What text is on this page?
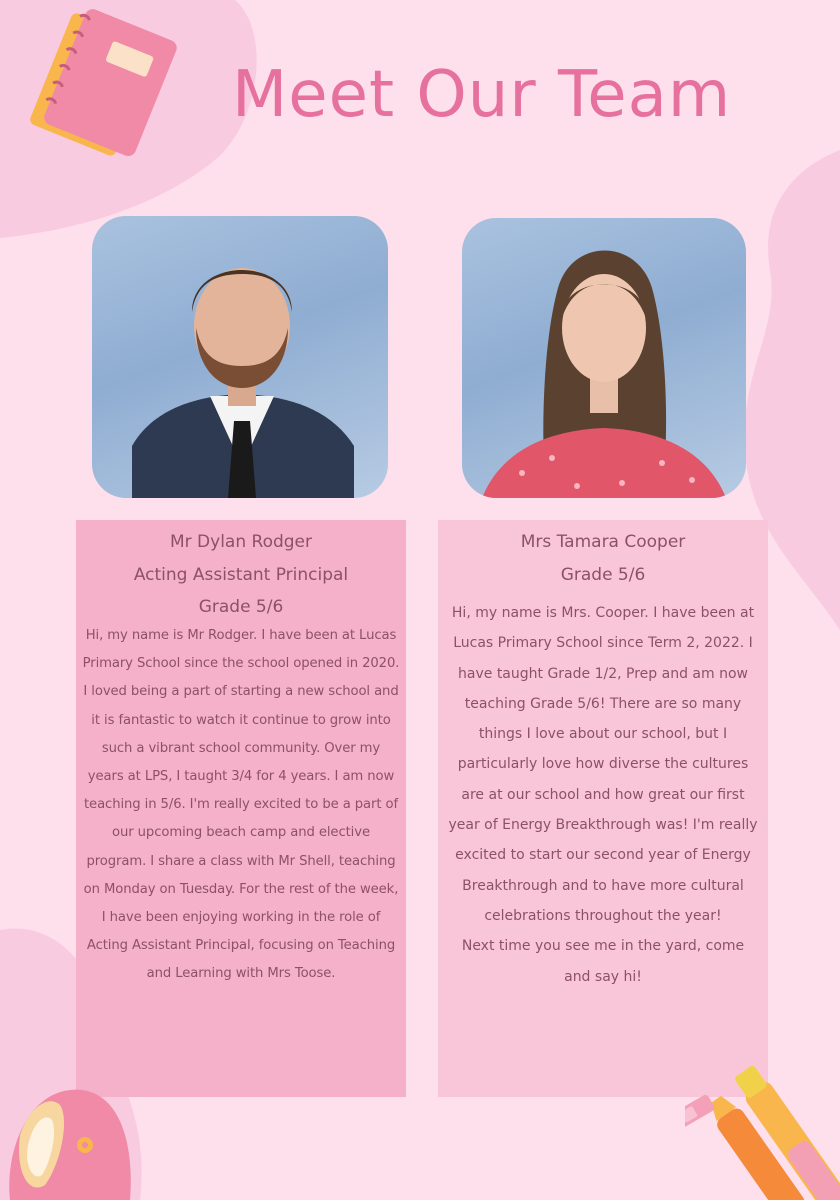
Meet Our Team

Mr Dylan Rodger

Acting Assistant Principal

Grade 5/6

Hi, my name is Mr Rodger. I have been at Lucas Primary School since the school opened in 2020. I loved being a part of starting a new school and it is fantastic to watch it continue to grow into such a vibrant school community. Over my years at LPS, I taught 3/4 for 4 years. I am now teaching in 5/6. I'm really excited to be a part of our upcoming beach camp and elective program. I share a class with Mr Shell, teaching on Monday on Tuesday. For the rest of the week, I have been enjoying working in the role of Acting Assistant Principal, focusing on Teaching and Learning with Mrs Toose.

Mrs Tamara Cooper

Grade 5/6

Hi, my name is Mrs. Cooper. I have been at Lucas Primary School since Term 2, 2022. I have taught Grade 1/2, Prep and am now teaching Grade 5/6! There are so many things I love about our school, but I particularly love how diverse the cultures are at our school and how great our first year of Energy Breakthrough was! I'm really excited to start our second year of Energy Breakthrough and to have more cultural celebrations throughout the year!

Next time you see me in the yard, come and say hi!
